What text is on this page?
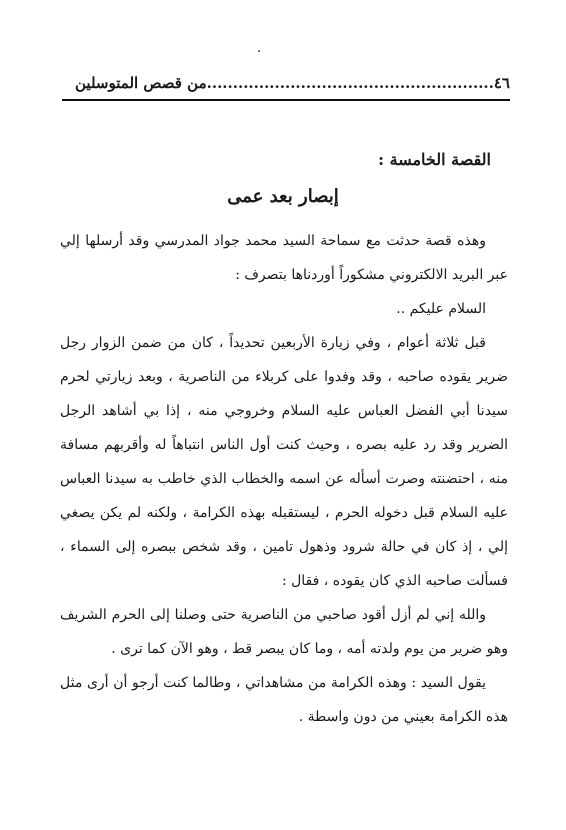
٤٦.......................................................من قصص المتوسلين
القصة الخامسة :
إبصار بعد عمى

وهذه قصة حدثت مع سماحة السيد محمد جواد المدرسي وقد أرسلها إلي عبر البريد الالكتروني مشكوراً أوردناها بتصرف :

السلام عليكم ..

قبل ثلاثة أعوام ، وفي زيارة الأربعين تحديداً ، كان من ضمن الزوار رجل ضرير يقوده صاحبه ، وقد وفدوا على كربلاء من الناصرية ، وبعد زيارتي لحرم سيدنا أبي الفضل العباس عليه السلام وخروجي منه ، إذا بي أشاهد الرجل الضرير وقد رد عليه بصره ، وحيث كنت أول الناس انتباهاً له وأقربهم مسافة منه ، احتضنته وصرت أسأله عن اسمه والخطاب الذي خاطب به سيدنا العباس عليه السلام قبل دخوله الحرم ، ليستقبله بهذه الكرامة ، ولكنه لم يكن يصغي إلي ، إذ كان في حالة شرود وذهول تامين ، وقد شخص ببصره إلى السماء ، فسألت صاحبه الذي كان يقوده ، فقال :

والله إني لم أزل أقود صاحبي من الناصرية حتى وصلنا إلى الحرم الشريف وهو ضرير من يوم ولدته أمه ، وما كان يبصر قط ، وهو الآن كما ترى .

يقول السيد : وهذه الكرامة من مشاهداتي ، وطالما كنت أرجو أن أرى مثل هذه الكرامة بعيني من دون واسطة .
